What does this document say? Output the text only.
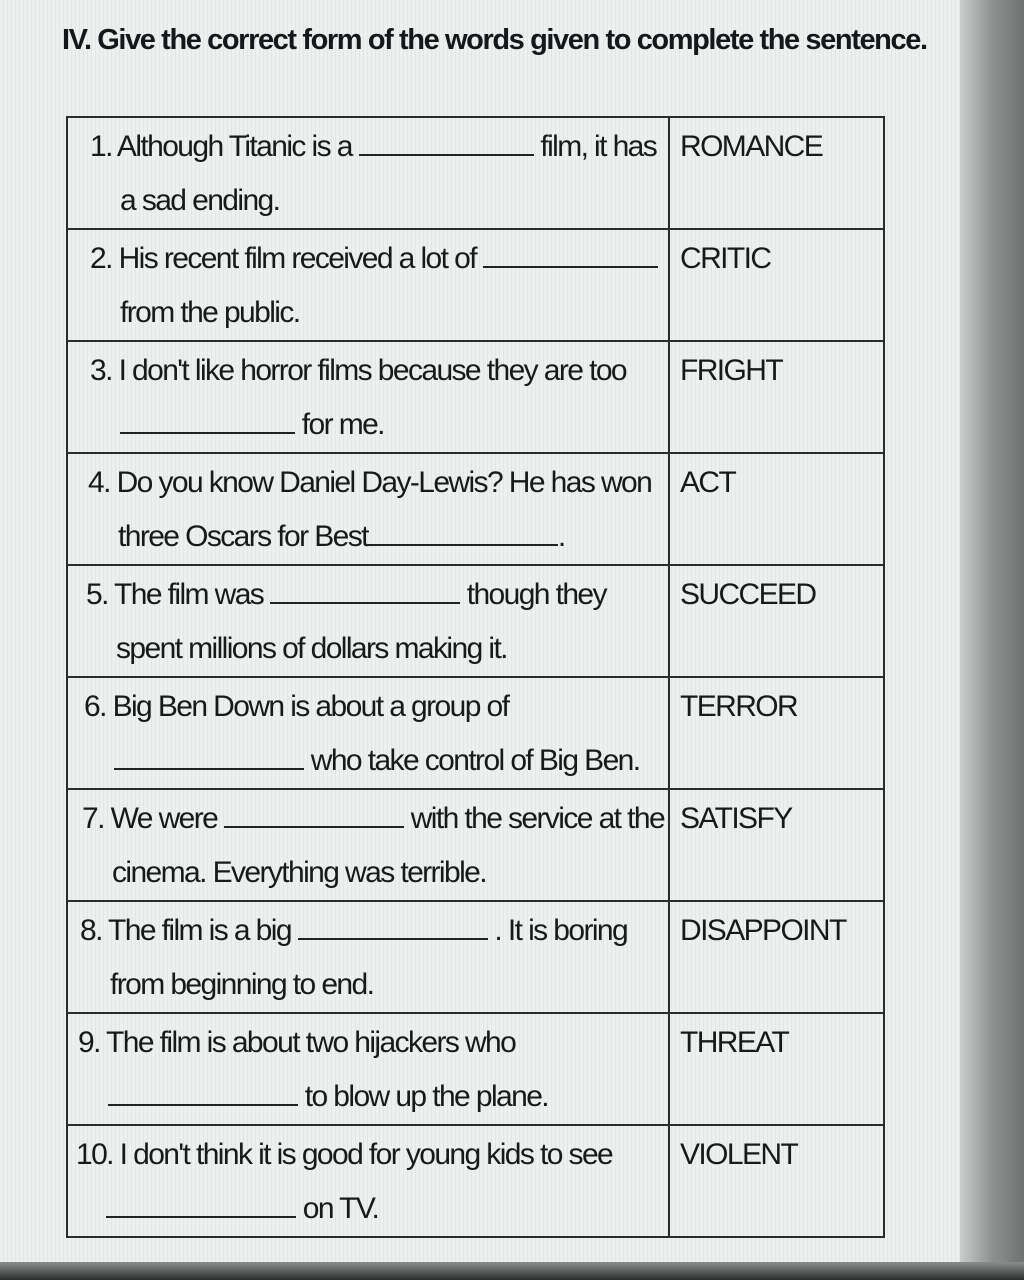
IV. Give the correct form of the words given to complete the sentence.
1. Although Titanic is a film, it has
a sad ending.	ROMANCE

2. His recent film received a lot of
from the public.	CRITIC

3. I don't like horror films because they are too
for me.	FRIGHT

4. Do you know Daniel Day-Lewis? He has won
three Oscars for Best .	ACT

5. The film was though they
spent millions of dollars making it.	SUCCEED

6. Big Ben Down is about a group of
who take control of Big Ben.	TERROR

7. We were with the service at the
cinema. Everything was terrible.	SATISFY

8. The film is a big . It is boring
from beginning to end.	DISAPPOINT

9. The film is about two hijackers who
to blow up the plane.	THREAT

10. I don't think it is good for young kids to see
on TV.	VIOLENT
